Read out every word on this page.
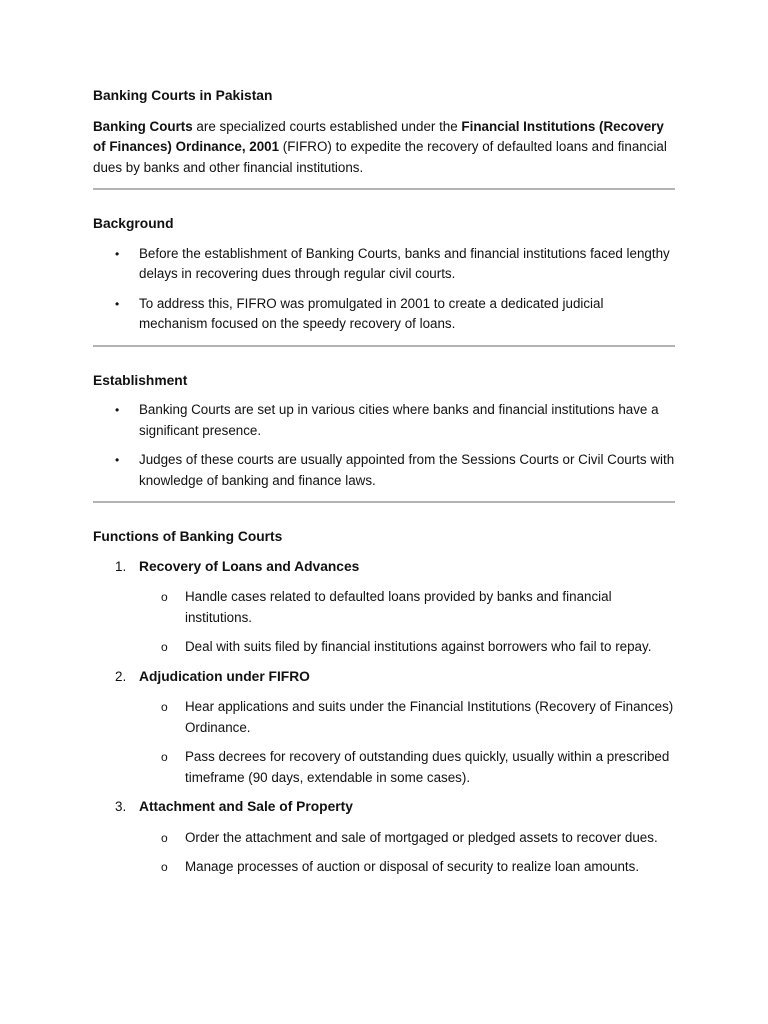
Banking Courts in Pakistan

Banking Courts are specialized courts established under the Financial Institutions (Recovery of Finances) Ordinance, 2001 (FIFRO) to expedite the recovery of defaulted loans and financial dues by banks and other financial institutions.

Background
• Before the establishment of Banking Courts, banks and financial institutions faced lengthy delays in recovering dues through regular civil courts.
• To address this, FIFRO was promulgated in 2001 to create a dedicated judicial mechanism focused on the speedy recovery of loans.
Establishment
• Banking Courts are set up in various cities where banks and financial institutions have a significant presence.
• Judges of these courts are usually appointed from the Sessions Courts or Civil Courts with knowledge of banking and finance laws.
Functions of Banking Courts
1. Recovery of Loans and Advances
o Handle cases related to defaulted loans provided by banks and financial institutions.
o Deal with suits filed by financial institutions against borrowers who fail to repay.
2. Adjudication under FIFRO
o Hear applications and suits under the Financial Institutions (Recovery of Finances) Ordinance.
o Pass decrees for recovery of outstanding dues quickly, usually within a prescribed timeframe (90 days, extendable in some cases).
3. Attachment and Sale of Property
o Order the attachment and sale of mortgaged or pledged assets to recover dues.
o Manage processes of auction or disposal of security to realize loan amounts.
